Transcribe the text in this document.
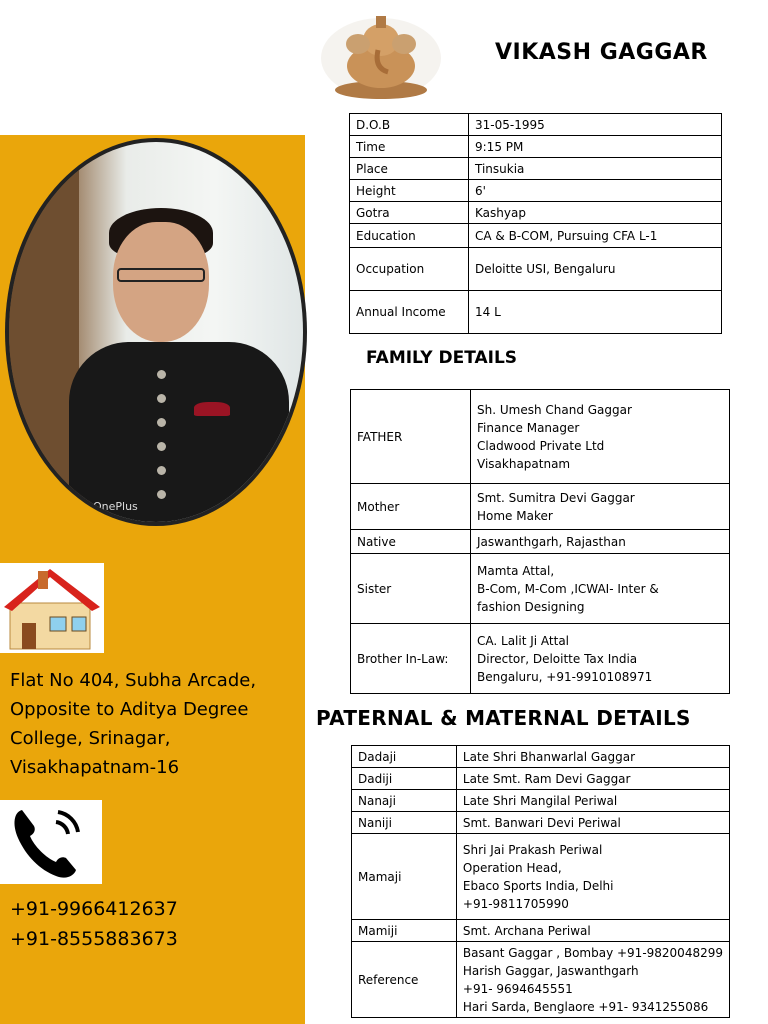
OnePlus
Flat No 404, Subha Arcade,
Opposite to Aditya Degree
College, Srinagar,
Visakhapatnam-16
+91-9966412637
+91-8555883673
VIKASH GAGGAR
D.O.B	31-05-1995
Time	9:15 PM
Place	Tinsukia
Height	6'
Gotra	Kashyap
Education	CA & B-COM, Pursuing CFA L-1
Occupation	Deloitte USI, Bengaluru
Annual Income	14 L
FAMILY DETAILS
FATHER	Sh. Umesh Chand Gaggar
Finance Manager
Cladwood Private Ltd
Visakhapatnam

Mother	Smt. Sumitra Devi Gaggar
Home Maker

Native	Jaswanthgarh, Rajasthan
Sister	Mamta Attal,
B-Com, M-Com ,ICWAI- Inter &
fashion Designing

Brother In-Law:	CA. Lalit Ji Attal
Director, Deloitte Tax India
Bengaluru, +91-9910108971
PATERNAL & MATERNAL DETAILS
Dadaji	Late Shri Bhanwarlal Gaggar
Dadiji	Late Smt. Ram Devi Gaggar
Nanaji	Late Shri Mangilal Periwal
Naniji	Smt. Banwari Devi Periwal
Mamaji	Shri Jai Prakash Periwal
Operation Head,
Ebaco Sports India, Delhi
+91-9811705990

Mamiji	Smt. Archana Periwal
Reference	Basant Gaggar , Bombay +91-9820048299
Harish Gaggar, Jaswanthgarh
+91- 9694645551
Hari Sarda, Benglaore +91- 9341255086
